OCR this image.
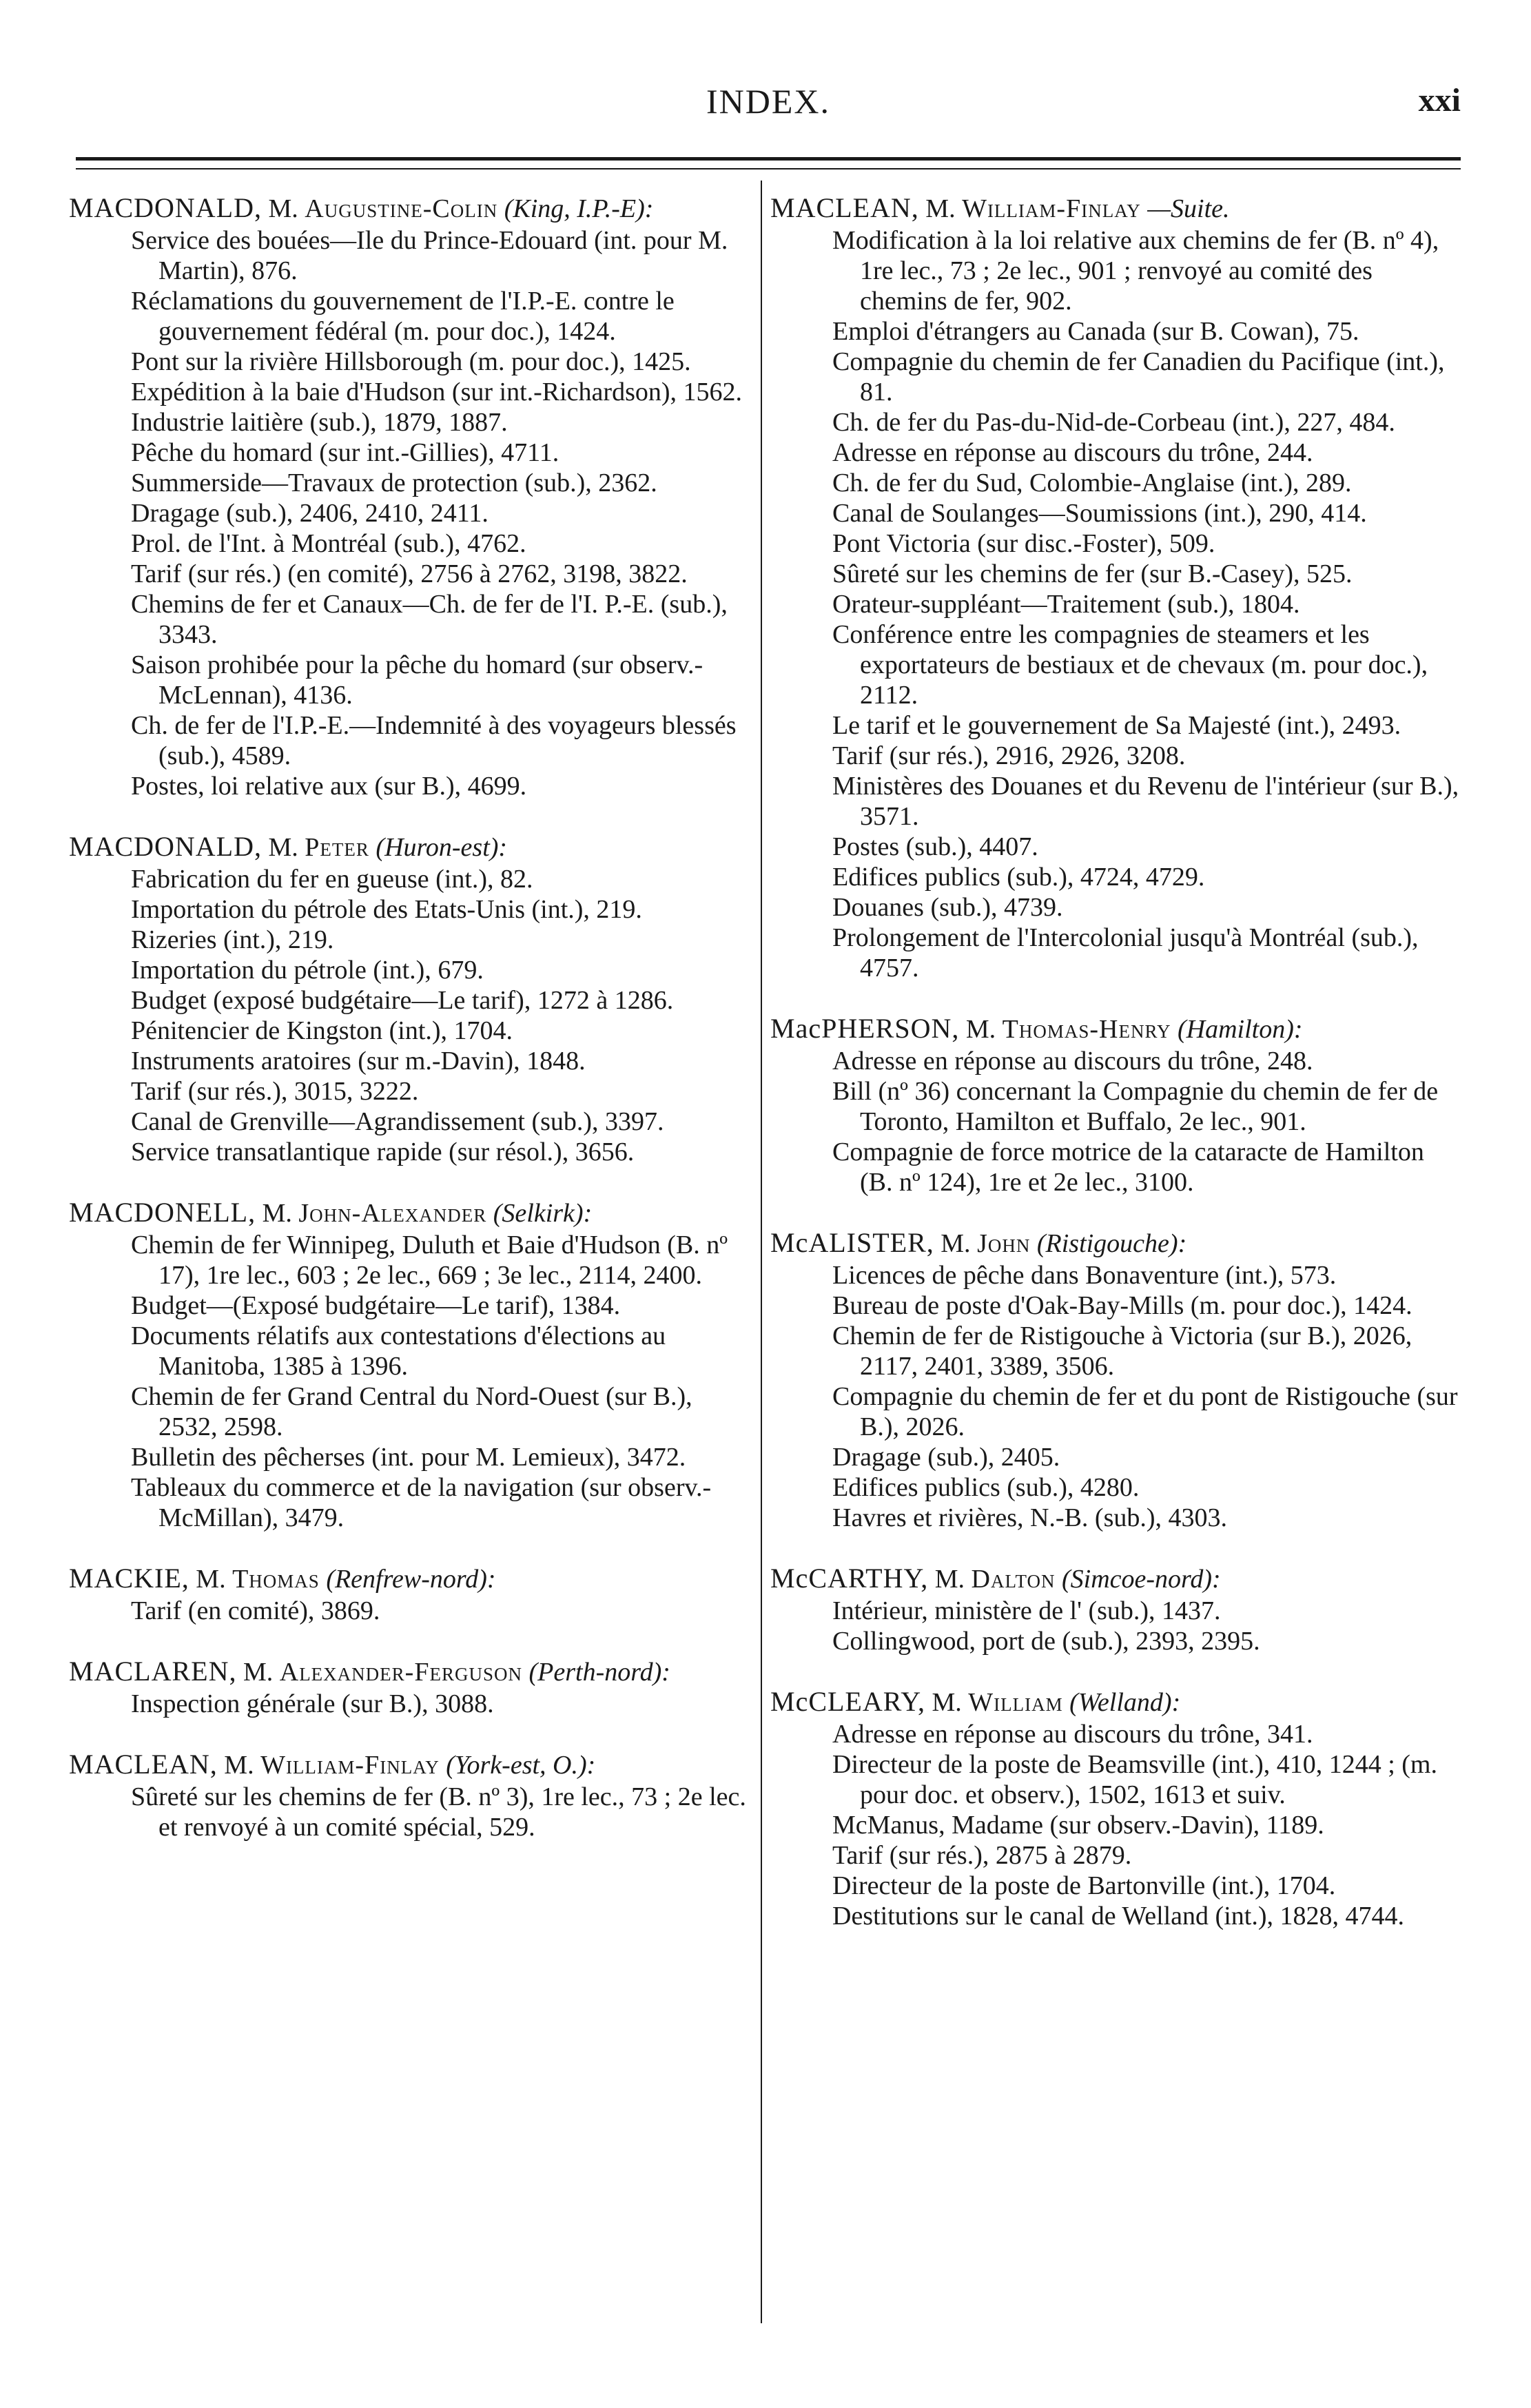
INDEX.	xxi
MACDONALD, M. Augustine-Colin (King, I.P.-E):
Service des bouées—Ile du Prince-Edouard (int. pour M. Martin), 876.
Réclamations du gouvernement de l'I.P.-E. contre le gouvernement fédéral (m. pour doc.), 1424.
Pont sur la rivière Hillsborough (m. pour doc.), 1425.
Expédition à la baie d'Hudson (sur int.-Richardson), 1562.
Industrie laitière (sub.), 1879, 1887.
Pêche du homard (sur int.-Gillies), 4711.
Summerside—Travaux de protection (sub.), 2362.
Dragage (sub.), 2406, 2410, 2411.
Prol. de l'Int. à Montréal (sub.), 4762.
Tarif (sur rés.) (en comité), 2756 à 2762, 3198, 3822.
Chemins de fer et Canaux—Ch. de fer de l'I. P.-E. (sub.), 3343.
Saison prohibée pour la pêche du homard (sur observ.-McLennan), 4136.
Ch. de fer de l'I.P.-E.—Indemnité à des voyageurs blessés (sub.), 4589.
Postes, loi relative aux (sur B.), 4699.
MACDONALD, M. Peter (Huron-est):
Fabrication du fer en gueuse (int.), 82.
Importation du pétrole des Etats-Unis (int.), 219.
Rizeries (int.), 219.
Importation du pétrole (int.), 679.
Budget (exposé budgétaire—Le tarif), 1272 à 1286.
Pénitencier de Kingston (int.), 1704.
Instruments aratoires (sur m.-Davin), 1848.
Tarif (sur rés.), 3015, 3222.
Canal de Grenville—Agrandissement (sub.), 3397.
Service transatlantique rapide (sur résol.), 3656.
MACDONELL, M. John-Alexander (Selkirk):
Chemin de fer Winnipeg, Duluth et Baie d'Hudson (B. nº 17), 1re lec., 603 ; 2e lec., 669 ; 3e lec., 2114, 2400.
Budget—(Exposé budgétaire—Le tarif), 1384.
Documents rélatifs aux contestations d'élections au Manitoba, 1385 à 1396.
Chemin de fer Grand Central du Nord-Ouest (sur B.), 2532, 2598.
Bulletin des pêcherses (int. pour M. Lemieux), 3472.
Tableaux du commerce et de la navigation (sur observ.-McMillan), 3479.
MACKIE, M. Thomas (Renfrew-nord):
Tarif (en comité), 3869.
MACLAREN, M. Alexander-Ferguson (Perth-nord):
Inspection générale (sur B.), 3088.
MACLEAN, M. William-Finlay (York-est, O.):
Sûreté sur les chemins de fer (B. nº 3), 1re lec., 73 ; 2e lec. et renvoyé à un comité spécial, 529.
MACLEAN, M. William-Finlay —Suite.
Modification à la loi relative aux chemins de fer (B. nº 4), 1re lec., 73 ; 2e lec., 901 ; renvoyé au comité des chemins de fer, 902.
Emploi d'étrangers au Canada (sur B. Cowan), 75.
Compagnie du chemin de fer Canadien du Pacifique (int.), 81.
Ch. de fer du Pas-du-Nid-de-Corbeau (int.), 227, 484.
Adresse en réponse au discours du trône, 244.
Ch. de fer du Sud, Colombie-Anglaise (int.), 289.
Canal de Soulanges—Soumissions (int.), 290, 414.
Pont Victoria (sur disc.-Foster), 509.
Sûreté sur les chemins de fer (sur B.-Casey), 525.
Orateur-suppléant—Traitement (sub.), 1804.
Conférence entre les compagnies de steamers et les exportateurs de bestiaux et de chevaux (m. pour doc.), 2112.
Le tarif et le gouvernement de Sa Majesté (int.), 2493.
Tarif (sur rés.), 2916, 2926, 3208.
Ministères des Douanes et du Revenu de l'intérieur (sur B.), 3571.
Postes (sub.), 4407.
Edifices publics (sub.), 4724, 4729.
Douanes (sub.), 4739.
Prolongement de l'Intercolonial jusqu'à Montréal (sub.), 4757.
MacPHERSON, M. Thomas-Henry (Hamilton):
Adresse en réponse au discours du trône, 248.
Bill (nº 36) concernant la Compagnie du chemin de fer de Toronto, Hamilton et Buffalo, 2e lec., 901.
Compagnie de force motrice de la cataracte de Hamilton (B. nº 124), 1re et 2e lec., 3100.
McALISTER, M. John (Ristigouche):
Licences de pêche dans Bonaventure (int.), 573.
Bureau de poste d'Oak-Bay-Mills (m. pour doc.), 1424.
Chemin de fer de Ristigouche à Victoria (sur B.), 2026, 2117, 2401, 3389, 3506.
Compagnie du chemin de fer et du pont de Ristigouche (sur B.), 2026.
Dragage (sub.), 2405.
Edifices publics (sub.), 4280.
Havres et rivières, N.-B. (sub.), 4303.
McCARTHY, M. Dalton (Simcoe-nord):
Intérieur, ministère de l' (sub.), 1437.
Collingwood, port de (sub.), 2393, 2395.
McCLEARY, M. William (Welland):
Adresse en réponse au discours du trône, 341.
Directeur de la poste de Beamsville (int.), 410, 1244 ; (m. pour doc. et observ.), 1502, 1613 et suiv.
McManus, Madame (sur observ.-Davin), 1189.
Tarif (sur rés.), 2875 à 2879.
Directeur de la poste de Bartonville (int.), 1704.
Destitutions sur le canal de Welland (int.), 1828, 4744.
